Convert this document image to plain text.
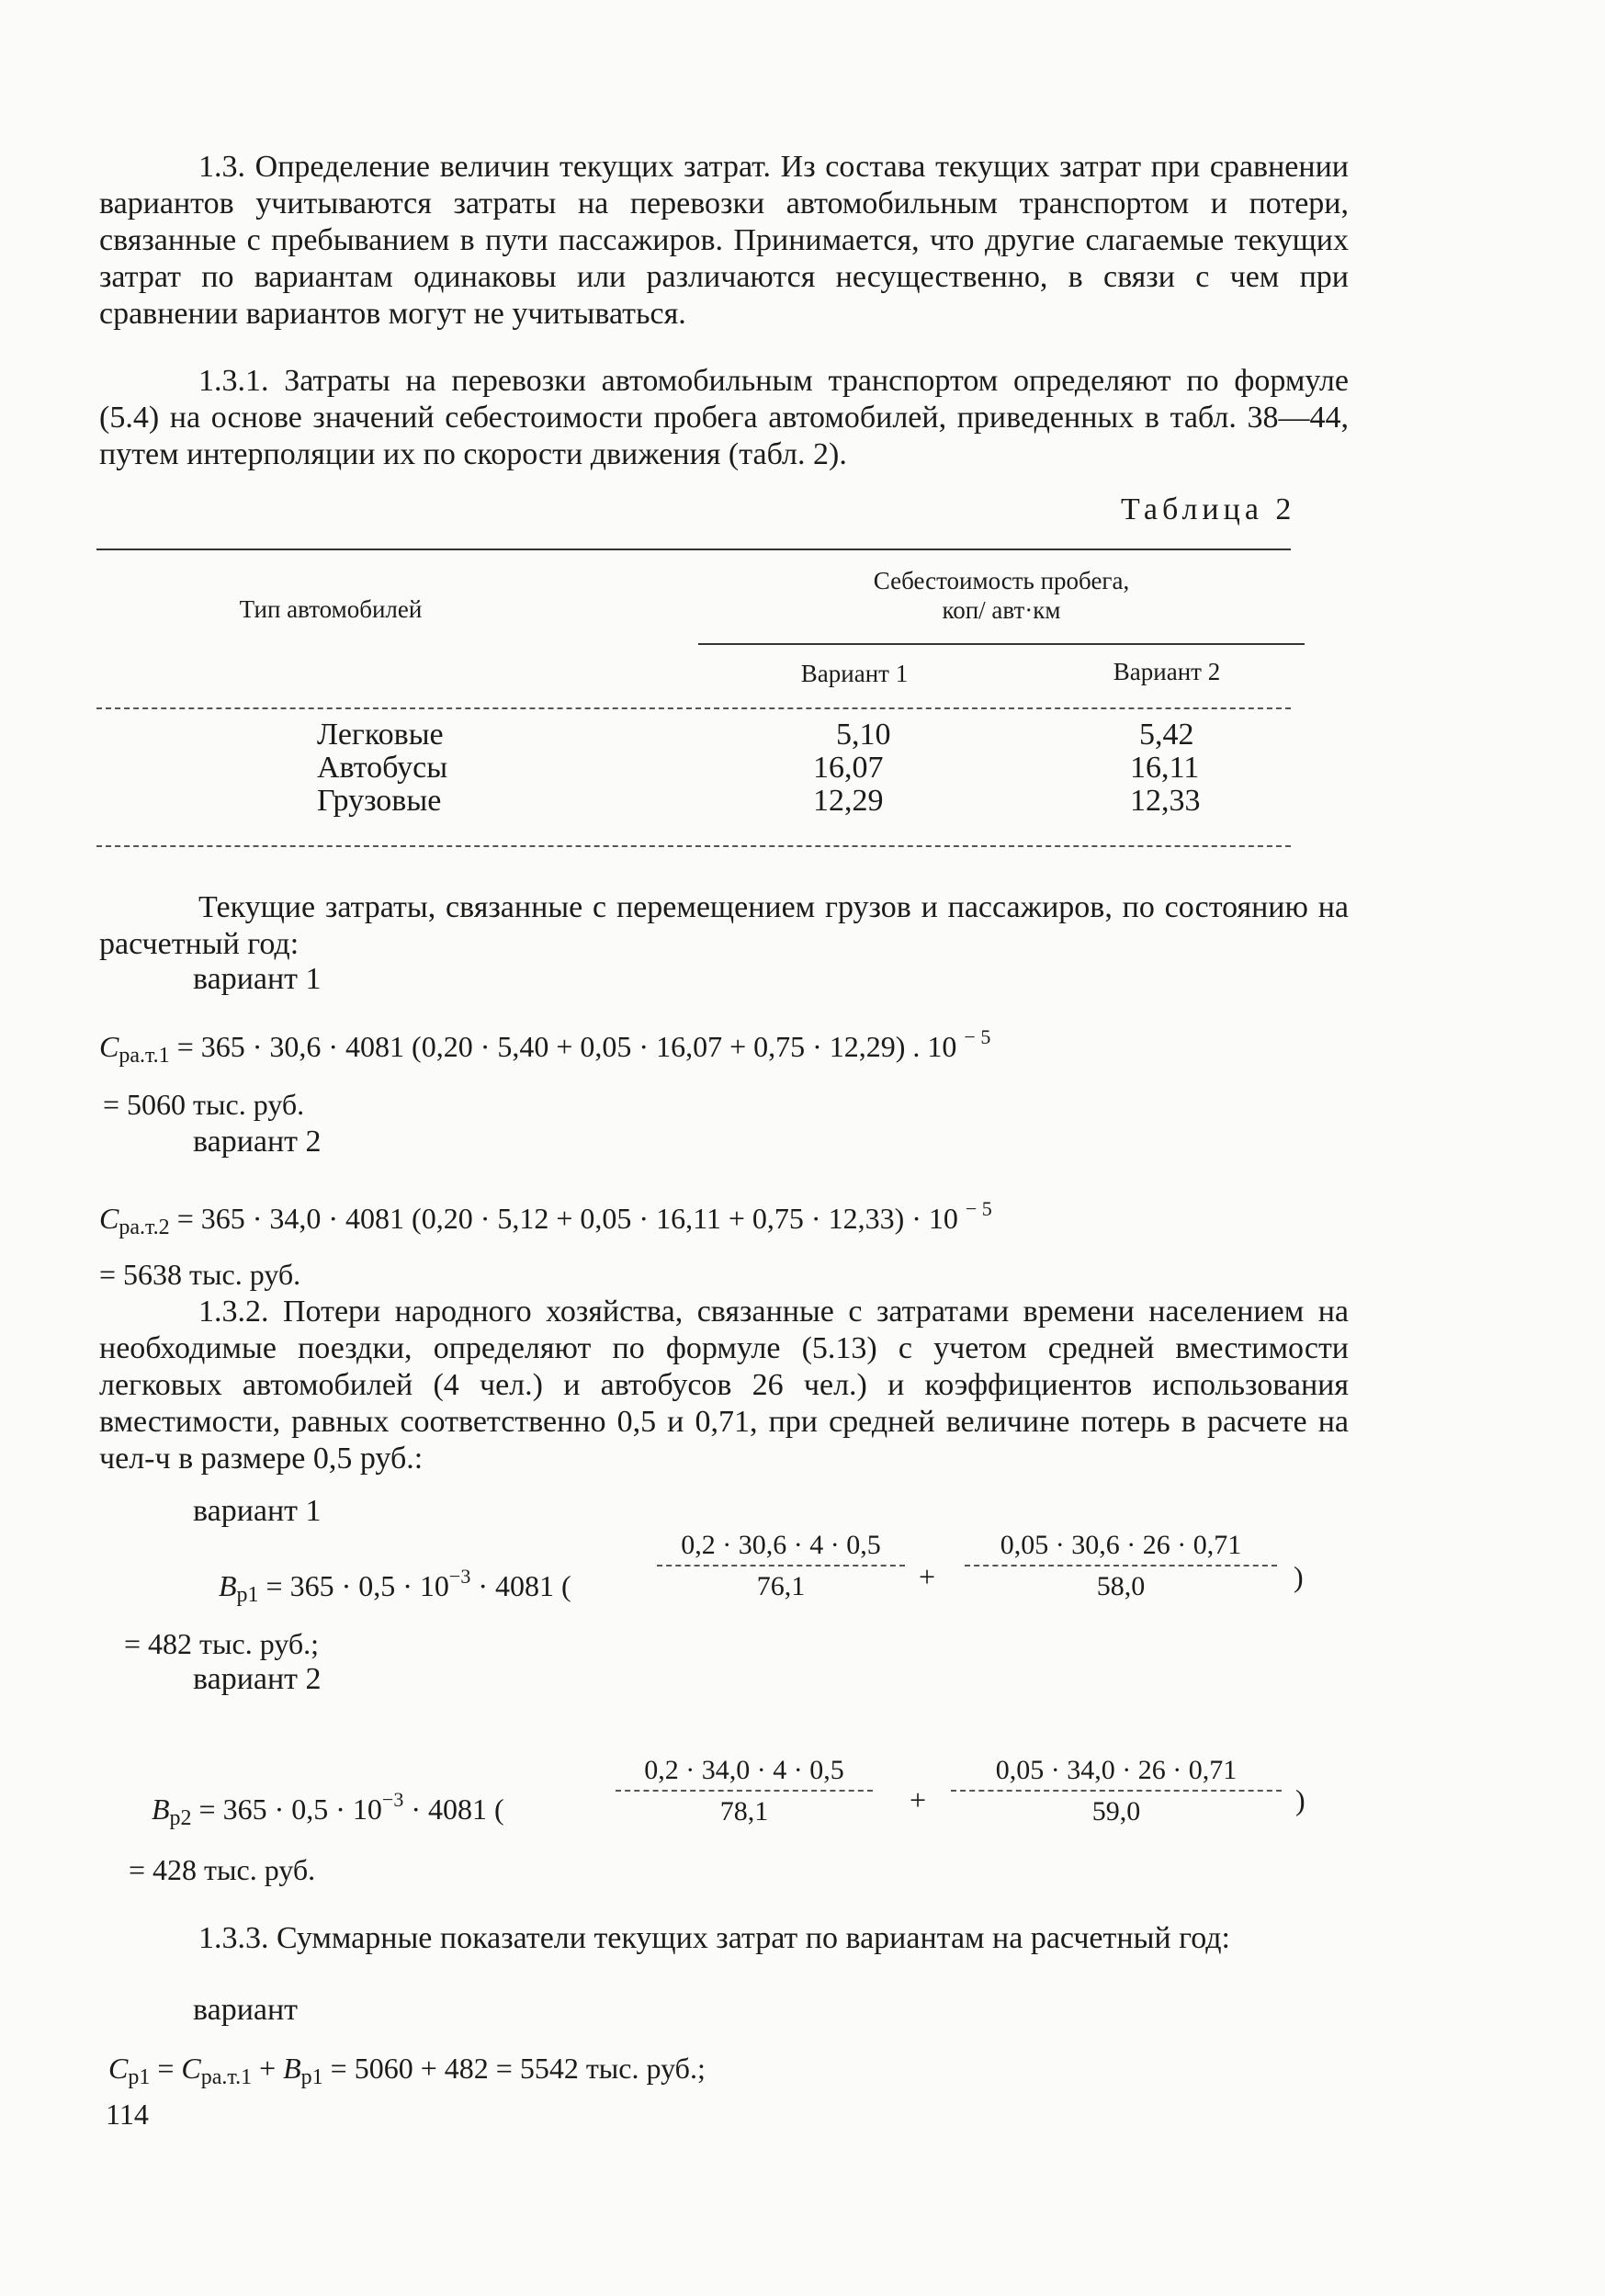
1.3. Определение величин текущих затрат. Из состава текущих затрат при сравнении вариантов учитываются затраты на перевозки автомобильным транспортом и потери, связанные с пребыванием в пути пассажиров. Принимается, что другие слагаемые текущих затрат по вариантам одинаковы или различаются несущественно, в связи с чем при сравнении вариантов могут не учитываться.

1.3.1. Затраты на перевозки автомобильным транспортом определяют по формуле (5.4) на основе значений себестоимости пробега автомобилей, приведенных в табл. 38—44, путем интерполяции их по скорости движения (табл. 2).

Таблица 2
Тип автомобилей
Себестоимость пробега,
коп/ авт·км
Вариант 1	Вариант 2
Легковые	5,10	5,42
Автобусы	16,07	16,11
Грузовые	12,29	12,33

Текущие затраты, связанные с перемещением грузов и пассажиров, по состоянию на расчетный год:

вариант 1
$C_{ра.т.1} = 365 \cdot 30,6 \cdot 4081$ (0,20 · 5,40 + 0,05 · 16,07 + 0,75 · 12,29) . 10 $^{- 5}$
= 5060 тыс. руб.
вариант 2
$C_{ра.т.2} = 365 \cdot 34,0 \cdot 4081$ (0,20 · 5,12 + 0,05 · 16,11 + 0,75 · 12,33) · 10 $^{- 5}$
= 5638 тыс. руб.

1.3.2. Потери народного хозяйства, связанные с затратами времени населением на необходимые поездки, определяют по формуле (5.13) с учетом средней вместимости легковых автомобилей (4 чел.) и автобусов 26 чел.) и коэффициентов использования вместимости, равных соответственно 0,5 и 0,71, при средней величине потерь в расчете на чел-ч в размере 0,5 руб.:

вариант 1
$B_{р1} = 365 \cdot 0,5 \cdot 10^{-3} \cdot 4081$ (
0,2 · 30,6 · 4 · 0,5
76,1	+
0,05 · 30,6 · 26 · 0,71
58,0	)
= 482 тыс. руб.;
вариант 2
$B_{р2} = 365 \cdot 0,5 \cdot 10^{-3} \cdot 4081$ (
0,2 · 34,0 · 4 · 0,5
78,1	+
0,05 · 34,0 · 26 · 0,71
59,0	)
= 428 тыс. руб.

1.3.3. Суммарные показатели текущих затрат по вариантам на расчетный год:

вариант
$C_{р1} = C_{ра.т.1} + B_{р1} = 5060 + 482 = 5542$ тыс. руб.;
114
